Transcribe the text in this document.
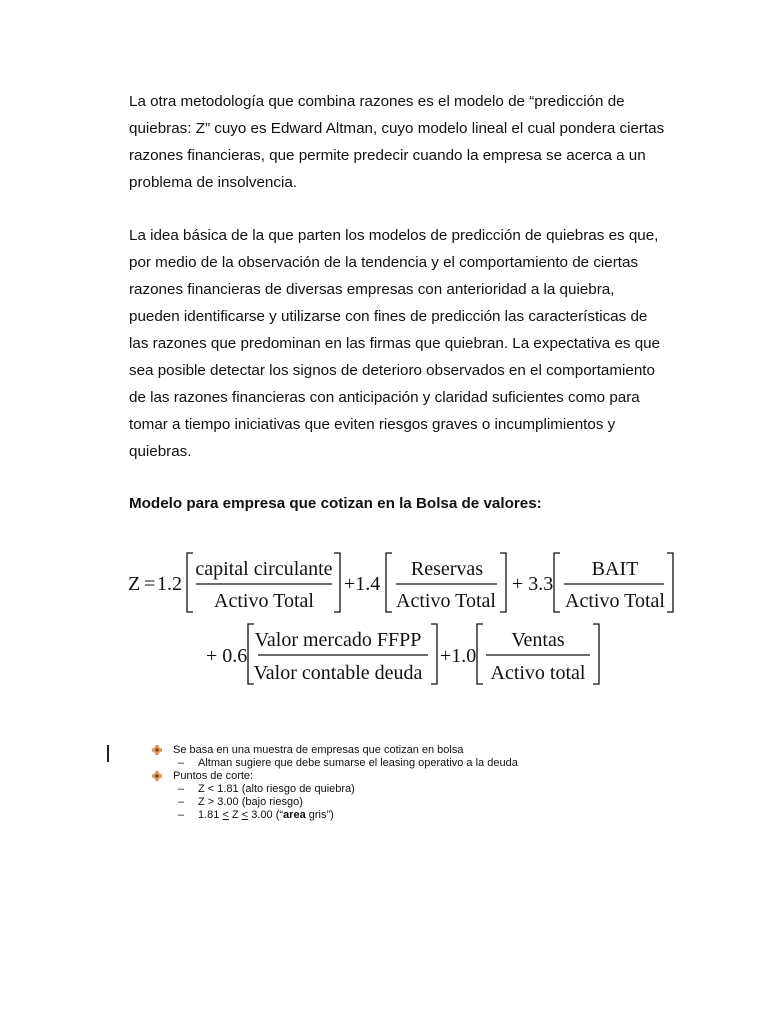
La otra metodología que combina razones es el modelo de “predicción de
quiebras: Z” cuyo es Edward Altman, cuyo modelo lineal el cual pondera ciertas
razones financieras, que permite predecir cuando la empresa se acerca a un
problema de insolvencia.
La idea básica de la que parten los modelos de predicción de quiebras es que,
por medio de la observación de la tendencia y el comportamiento de ciertas
razones financieras de diversas empresas con anterioridad a la quiebra,
pueden identificarse y utilizarse con fines de predicción las características de
las razones que predominan en las firmas que quiebran. La expectativa es que
sea posible detectar los signos de deterioro observados en el comportamiento
de las razones financieras con anticipación y claridad suficientes como para
tomar a tiempo iniciativas que eviten riesgos graves o incumplimientos y
quiebras.

Modelo para empresa que cotizan en la Bolsa de valores:

Z = 1.2
capital circulante
Activo Total
+1.4
Reservas
Activo Total
+ 3.3
BAIT
Activo Total
+ 0.6
Valor mercado FFPP
Valor contable deuda
+1.0
Ventas
Activo total
Se basa en una muestra de empresas que cotizan en bolsa
– Altman sugiere que debe sumarse el leasing operativo a la deuda
Puntos de corte:
– Z < 1.81 (alto riesgo de quiebra)
– Z > 3.00 (bajo riesgo)
– 1.81 < Z < 3.00 (“area gris”)
